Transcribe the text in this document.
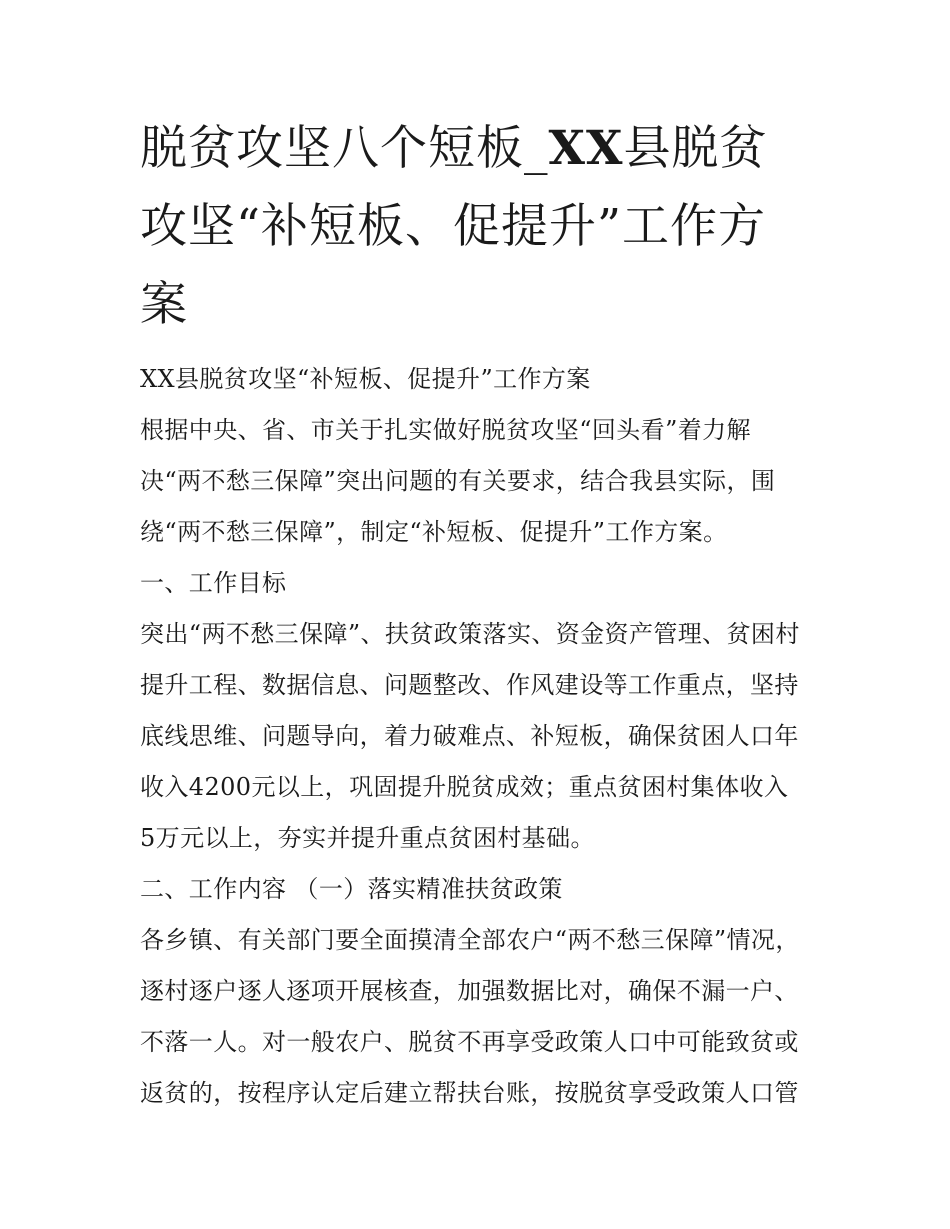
脱贫攻坚八个短板_XX县脱贫
攻坚“补短板、促提升”工作方
案
XX县脱贫攻坚“补短板、促提升”工作方案
根据中央、省、市关于扎实做好脱贫攻坚“回头看”着力解
决“两不愁三保障”突出问题的有关要求，结合我县实际，围
绕“两不愁三保障”，制定“补短板、促提升”工作方案。
一、工作目标
突出“两不愁三保障”、扶贫政策落实、资金资产管理、贫困村
提升工程、数据信息、问题整改、作风建设等工作重点，坚持
底线思维、问题导向，着力破难点、补短板，确保贫困人口年
收入4200元以上，巩固提升脱贫成效；重点贫困村集体收入
5万元以上，夯实并提升重点贫困村基础。
二、工作内容 （一）落实精准扶贫政策
各乡镇、有关部门要全面摸清全部农户“两不愁三保障”情况，
逐村逐户逐人逐项开展核查，加强数据比对，确保不漏一户、
不落一人。对一般农户、脱贫不再享受政策人口中可能致贫或
返贫的，按程序认定后建立帮扶台账，按脱贫享受政策人口管
